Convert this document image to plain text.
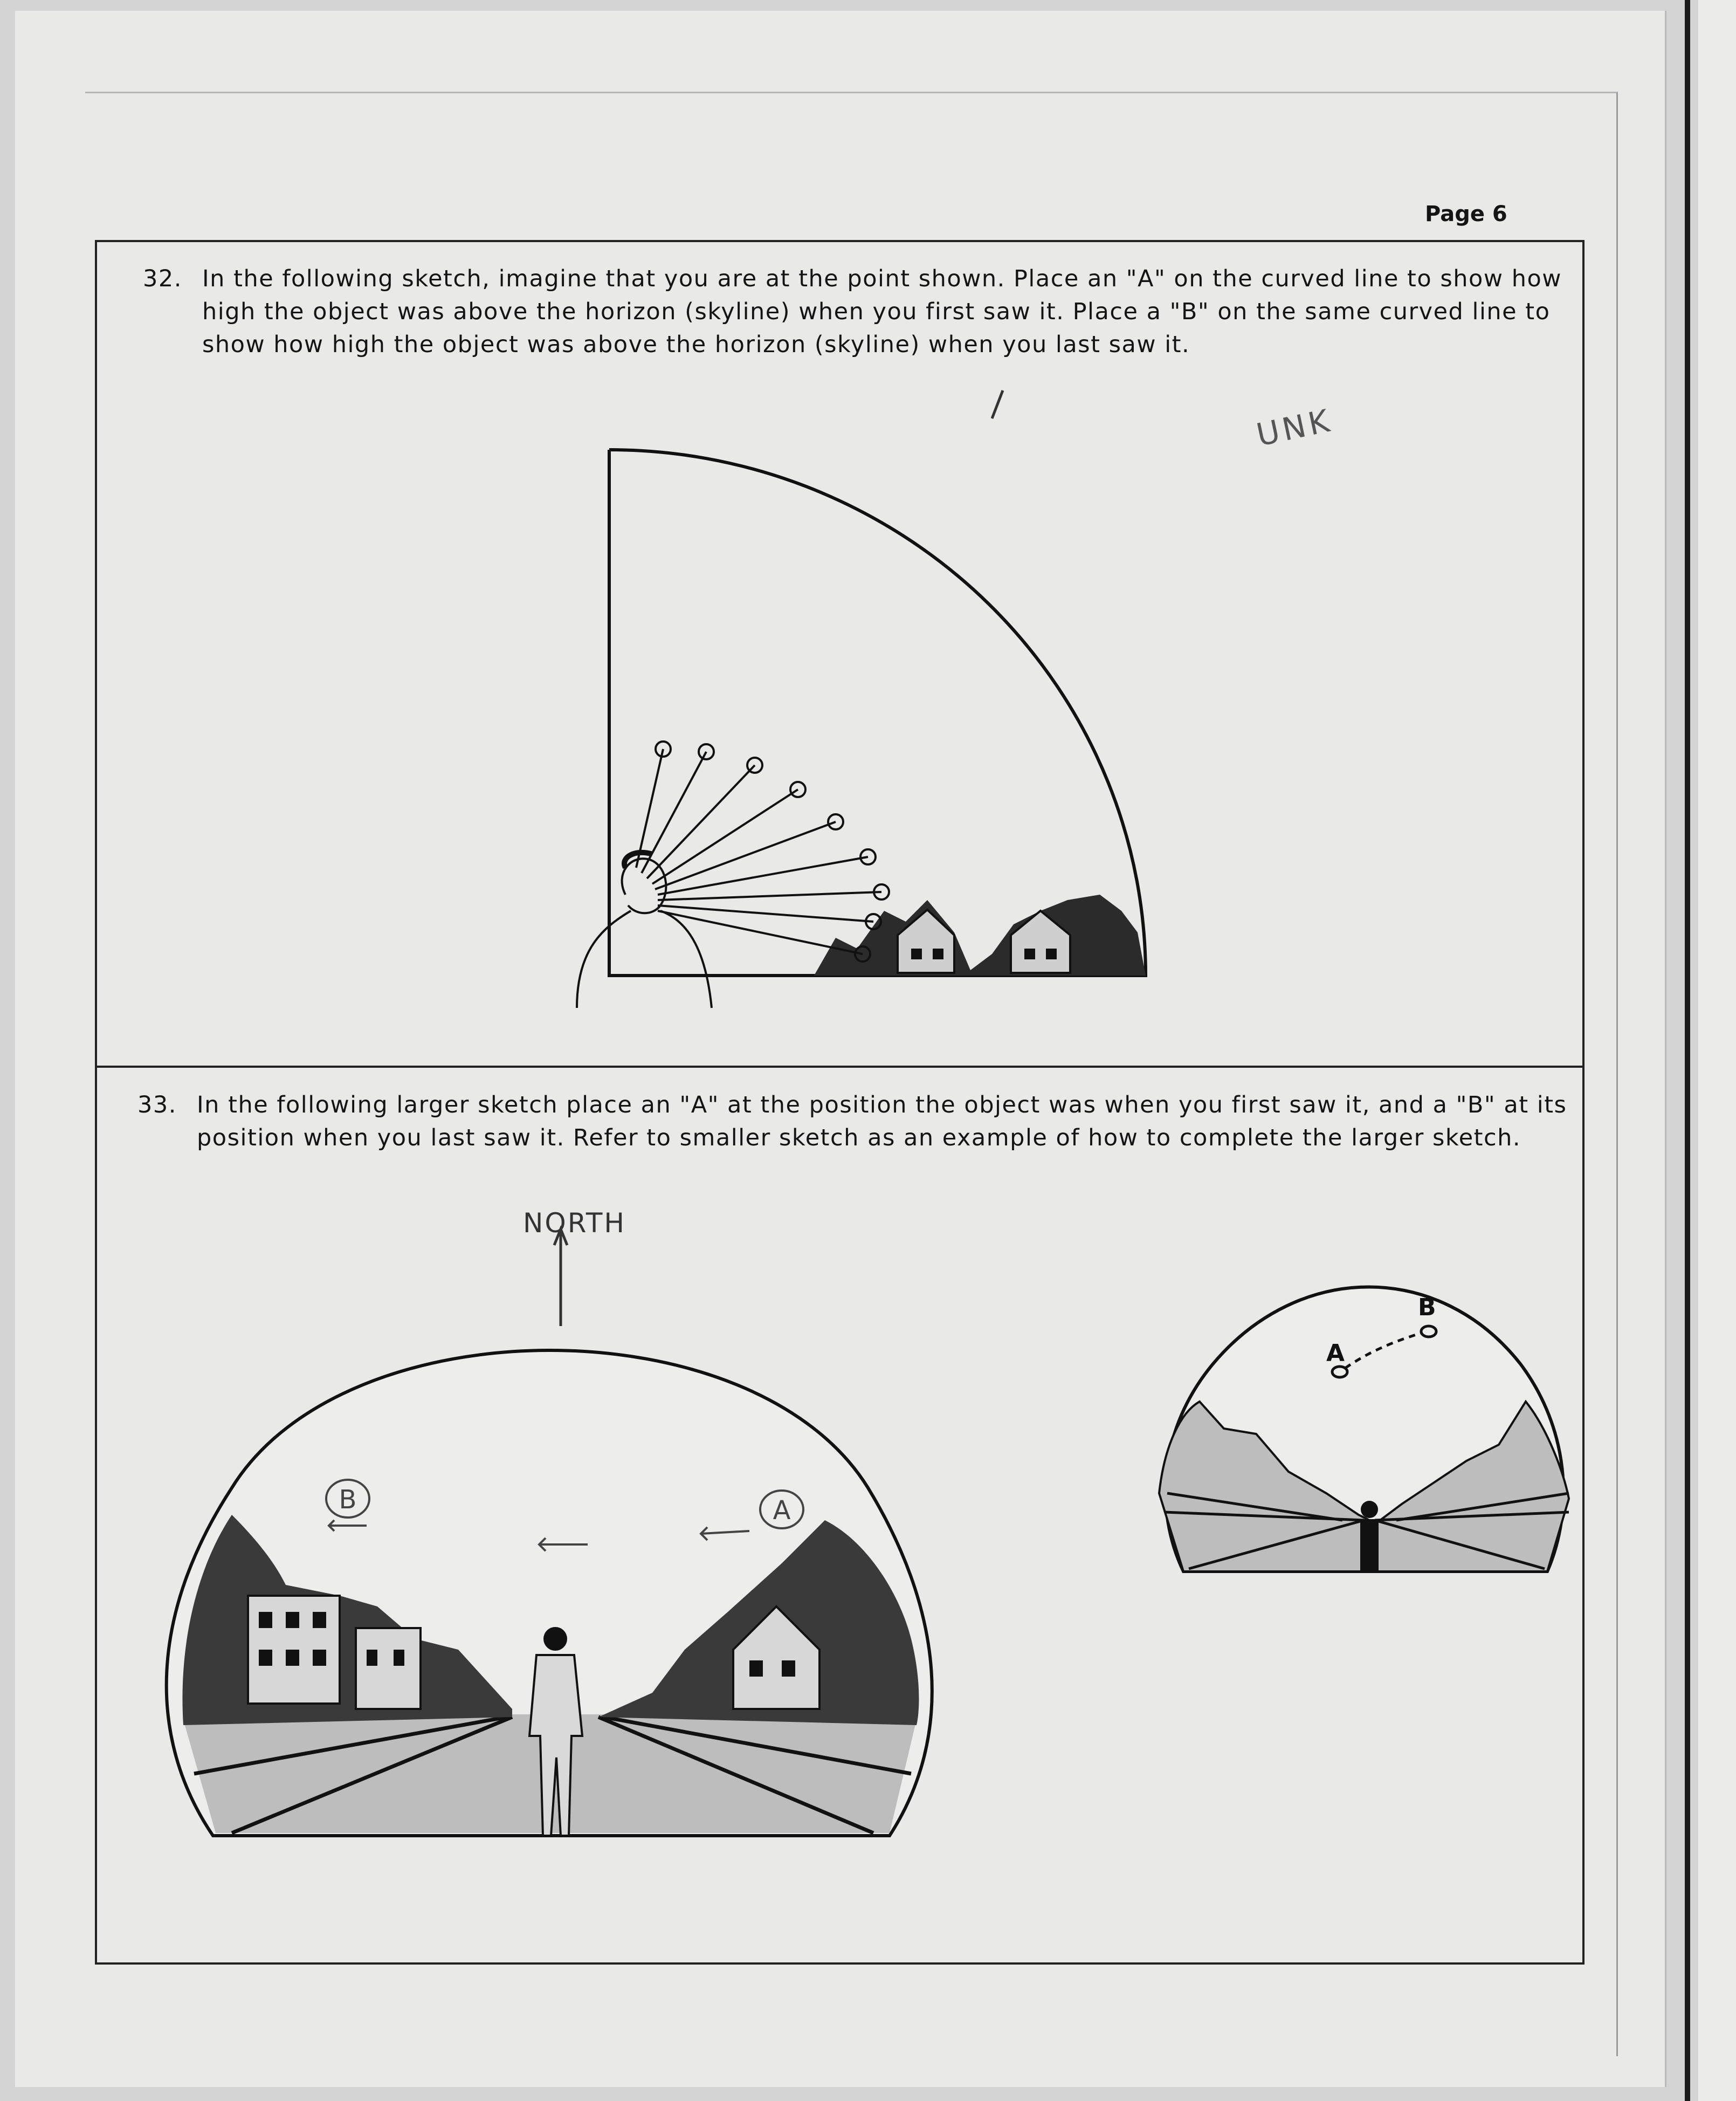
Page 6
32. In the following sketch, imagine that you are at the point shown. Place an "A" on the curved line to show how

high the object was above the horizon (skyline) when you first saw it. Place a "B" on the same curved line to

show how high the object was above the horizon (skyline) when you last saw it.

UNK
33. In the following larger sketch place an "A" at the position the object was when you first saw it, and a "B" at its

position when you last saw it. Refer to smaller sketch as an example of how to complete the larger sketch.

NORTH
B	A
A
B
